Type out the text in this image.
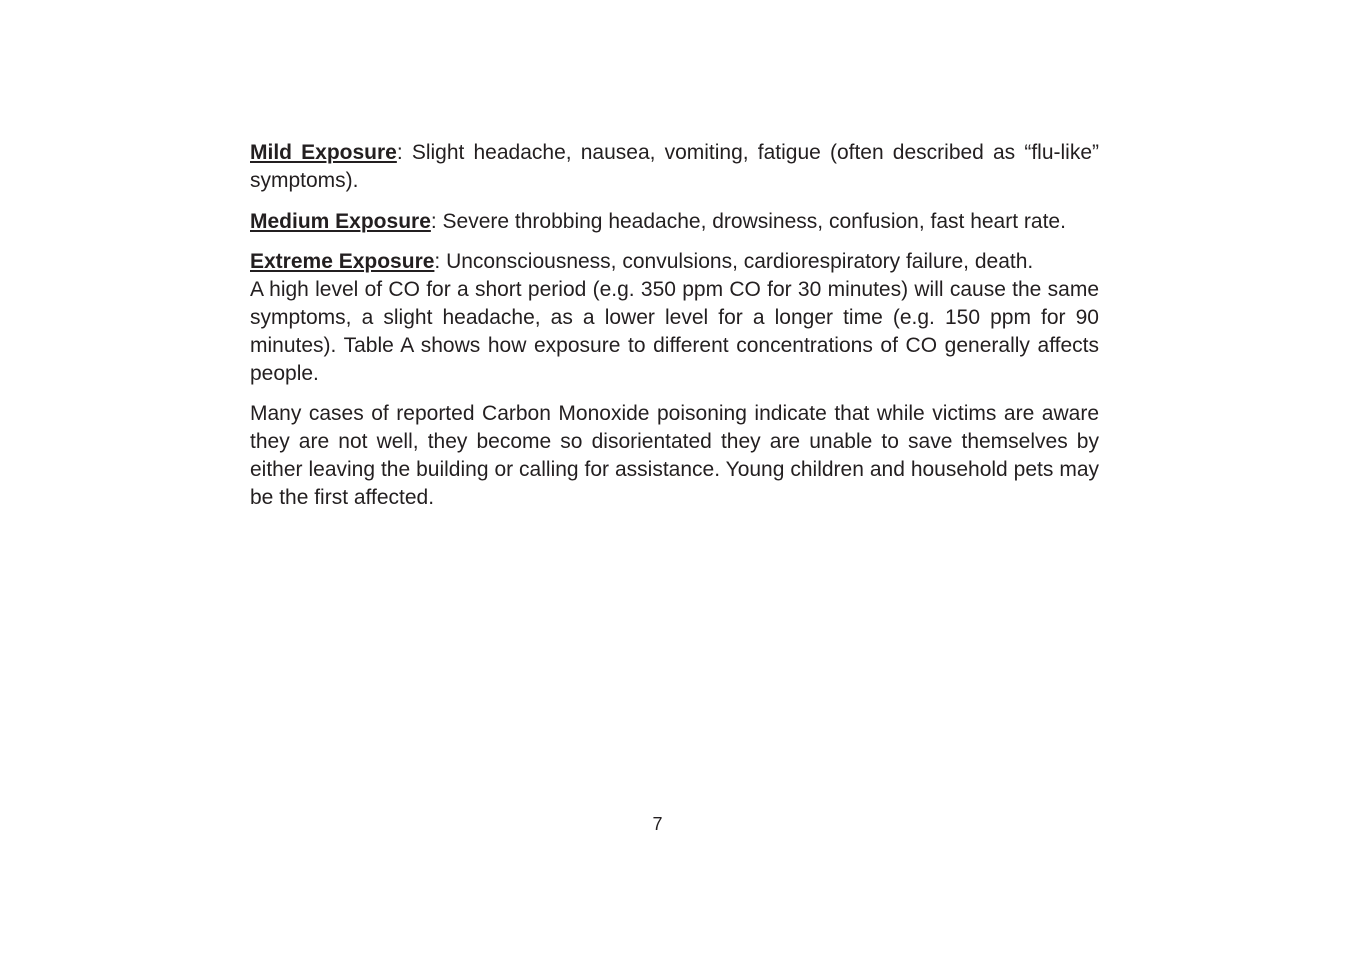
Mild Exposure: Slight headache, nausea, vomiting, fatigue (often described as “flu-like” symptoms).

Medium Exposure: Severe throbbing headache, drowsiness, confusion, fast heart rate.

Extreme Exposure: Unconsciousness, convulsions, cardiorespiratory failure, death.
A high level of CO for a short period (e.g. 350 ppm CO for 30 minutes) will cause the same symptoms, a slight headache, as a lower level for a longer time (e.g. 150 ppm for 90 minutes). Table A shows how exposure to different concentrations of CO generally affects people.

Many cases of reported Carbon Monoxide poisoning indicate that while victims are aware they are not well, they become so disorientated they are unable to save themselves by either leaving the building or calling for assistance. Young children and household pets may be the first affected.

7
